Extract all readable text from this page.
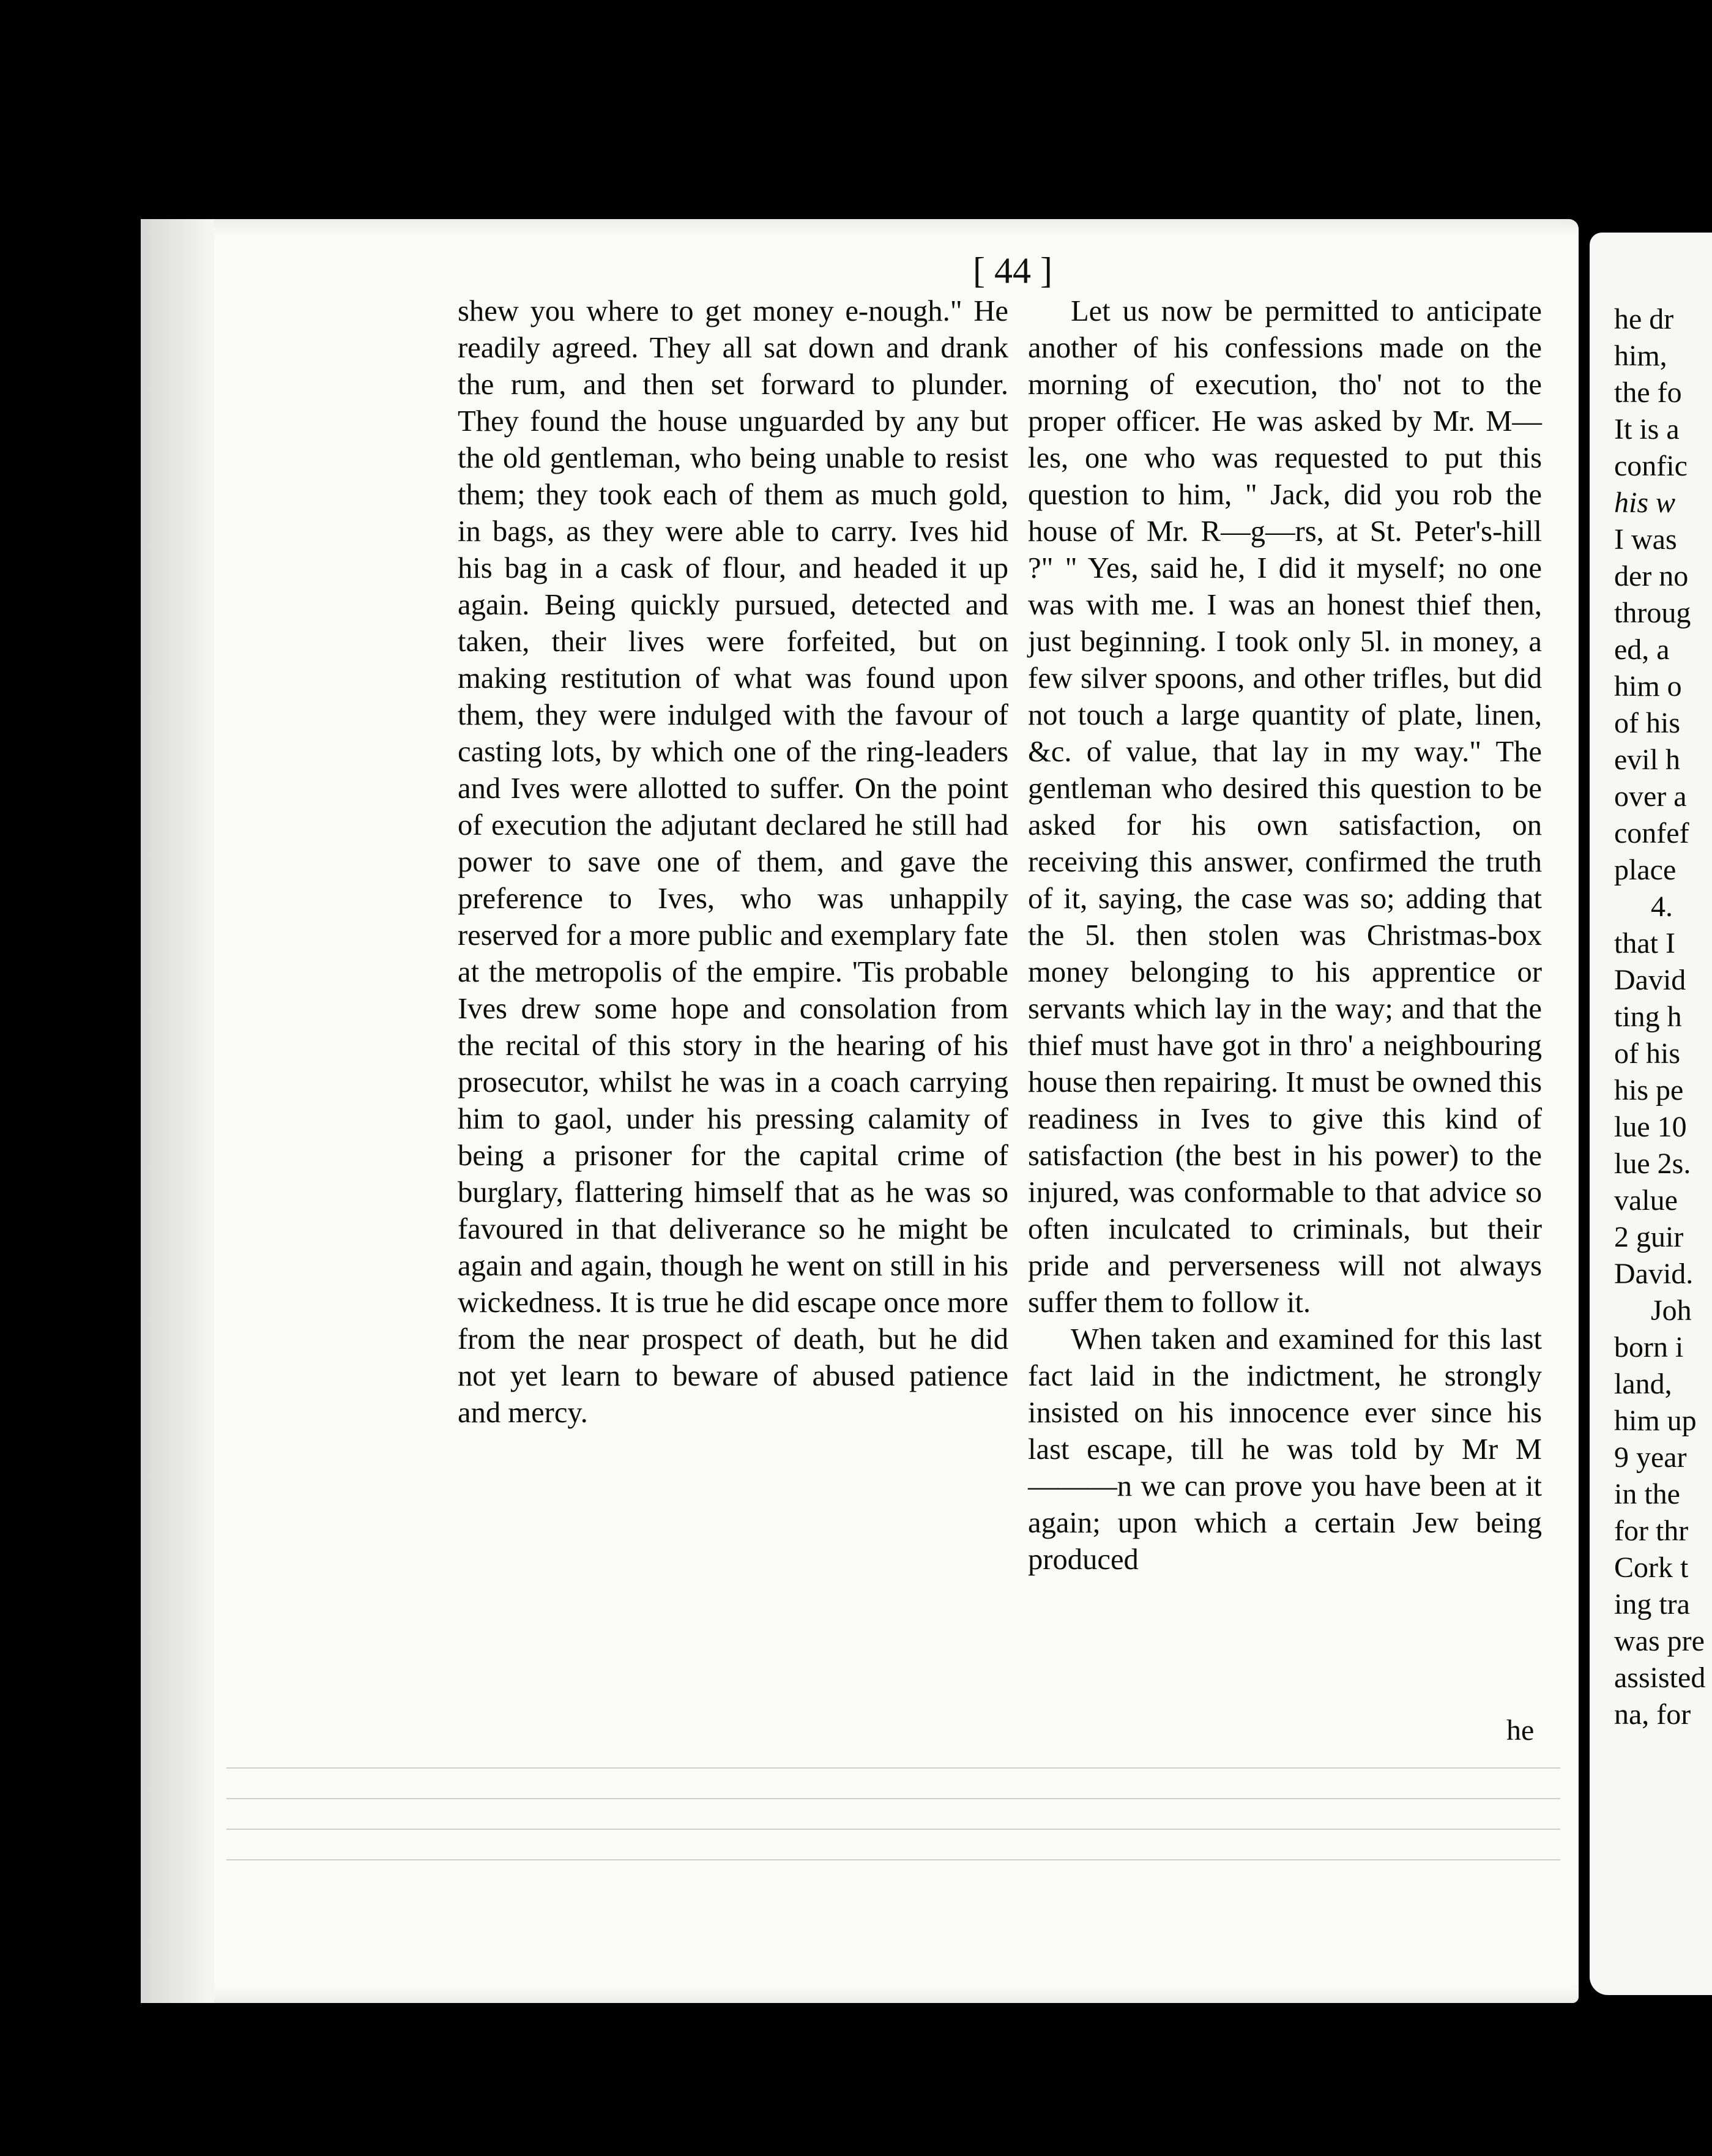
[ 44 ]

shew you where to get money e-nough." He readily agreed. They all sat down and drank the rum, and then set forward to plunder. They found the house unguarded by any but the old gentleman, who being unable to resist them; they took each of them as much gold, in bags, as they were able to carry. Ives hid his bag in a cask of flour, and headed it up again. Being quickly pursued, detected and taken, their lives were forfeited, but on making restitution of what was found upon them, they were indulged with the favour of casting lots, by which one of the ring-leaders and Ives were allotted to suffer. On the point of execution the adjutant declared he still had power to save one of them, and gave the preference to Ives, who was unhappily reserved for a more public and exemplary fate at the metropolis of the empire. 'Tis probable Ives drew some hope and consolation from the recital of this story in the hearing of his prosecutor, whilst he was in a coach carrying him to gaol, under his pressing calamity of being a prisoner for the capital crime of burglary, flattering himself that as he was so favoured in that deliverance so he might be again and again, though he went on still in his wickedness. It is true he did escape once more from the near prospect of death, but he did not yet learn to beware of abused patience and mercy.

Let us now be permitted to anticipate another of his confessions made on the morning of execution, tho' not to the proper officer. He was asked by Mr. M—les, one who was requested to put this question to him, " Jack, did you rob the house of Mr. R—g—rs, at St. Peter's-hill ?" " Yes, said he, I did it myself; no one was with me. I was an honest thief then, just beginning. I took only 5l. in money, a few silver spoons, and other trifles, but did not touch a large quantity of plate, linen, &c. of value, that lay in my way." The gentleman who desired this question to be asked for his own satisfaction, on receiving this answer, confirmed the truth of it, saying, the case was so; adding that the 5l. then stolen was Christmas-box money belonging to his apprentice or servants which lay in the way; and that the thief must have got in thro' a neighbouring house then repairing. It must be owned this readiness in Ives to give this kind of satisfaction (the best in his power) to the injured, was conformable to that advice so often inculcated to criminals, but their pride and perverseness will not always suffer them to follow it.

When taken and examined for this last fact laid in the indictment, he strongly insisted on his innocence ever since his last escape, till he was told by Mr M———n we can prove you have been at it again; upon which a certain Jew being produced

he
he dr
him,
the fo
It is a
confic
his w
I was
der no
throug
ed, a
him o
of his
evil h
over a
confef
place
4.
that I
David
ting h
of his
his pe
lue 10
lue 2s.
value
2 guir
David.
Joh
born i
land,
him up
9 year
in the
for thr
Cork t
ing tra
was pre
assisted
na, for
